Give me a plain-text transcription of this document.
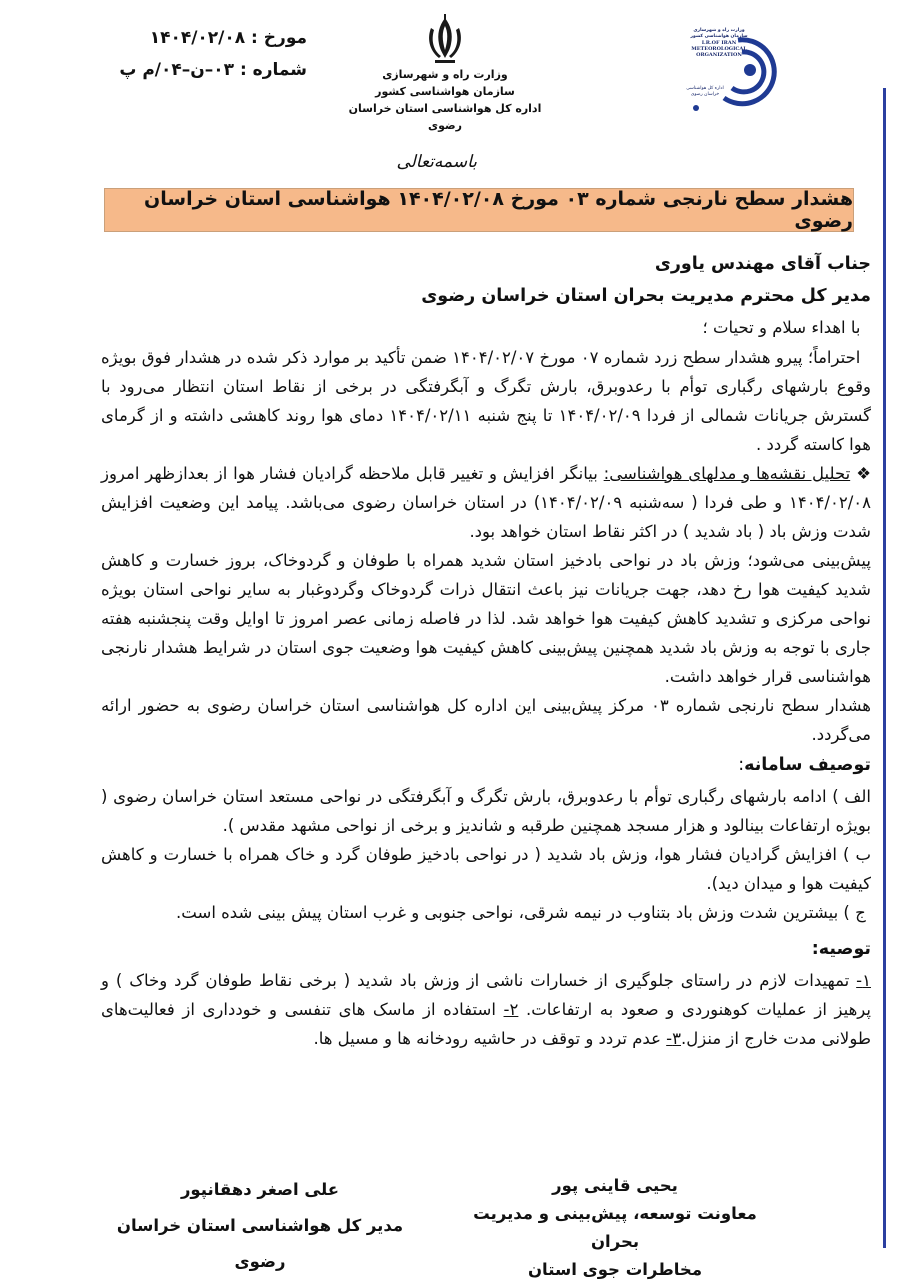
مورخ : ۱۴۰۴/۰۲/۰۸
شماره : ۰۳–ن–۰۴/م پ	وزارت راه و شهرسازی
سازمان هواشناسی کشور
اداره کل هواشناسی استان خراسان رضوی
وزارت راه و شهرسازی
سازمان هواشناسی کشور
I.R.OF IRAN
METEOROLOGICAL
ORGANIZATION
اداره کل هواشناسی
خراسان رضوی
باسمه‌تعالی
هشدار سطح نارنجی شماره ۰۳ مورخ ۱۴۰۴/۰۲/۰۸ هواشناسی استان خراسان رضوی

جناب آقای مهندس یاوری

مدیر کل محترم مدیریت بحران استان خراسان رضوی

با اهداء سلام و تحیات ؛

احتراماً؛ پیرو هشدار سطح زرد شماره ۰۷ مورخ ۱۴۰۴/۰۲/۰۷ ضمن تأکید بر موارد ذکر شده در هشدار فوق بویژه وقوع بارشهای رگباری توأم با رعدوبرق، بارش تگرگ و آبگرفتگی در برخی از نقاط استان انتظار می‌رود با گسترش جریانات شمالی از فردا ۱۴۰۴/۰۲/۰۹ تا پنج شنبه ۱۴۰۴/۰۲/۱۱ دمای هوا روند کاهشی داشته و از گرمای هوا کاسته گردد .

❖تحلیل نقشه‌ها و مدلهای هواشناسی: بیانگر افزایش و تغییر قابل ملاحظه گرادیان فشار هوا از بعدازظهر امروز ۱۴۰۴/۰۲/۰۸ و طی فردا ( سه‌شنبه ۱۴۰۴/۰۲/۰۹) در استان خراسان رضوی می‌باشد. پیامد این وضعیت افزایش شدت وزش باد ( باد شدید ) در اکثر نقاط استان خواهد بود.

پیش‌بینی می‌شود؛ وزش باد در نواحی بادخیز استان شدید همراه با طوفان و گردوخاک، بروز خسارت و کاهش شدید کیفیت هوا رخ دهد، جهت جریانات نیز باعث انتقال ذرات گردوخاک وگردوغبار به سایر نواحی استان بویژه نواحی مرکزی و تشدید کاهش کیفیت هوا خواهد شد. لذا در فاصله زمانی عصر امروز تا اوایل وقت پنجشنبه هفته جاری با توجه به وزش باد شدید همچنین پیش‌بینی کاهش کیفیت هوا وضعیت جوی استان در شرایط هشدار نارنجی هواشناسی قرار خواهد داشت.

هشدار سطح نارنجی شماره ۰۳ مرکز پیش‌بینی این اداره کل هواشناسی استان خراسان رضوی به حضور ارائه می‌گردد.

توصیف سامانه:

الف ) ادامه بارشهای رگباری توأم با رعدوبرق، بارش تگرگ و آبگرفتگی در نواحی مستعد استان خراسان رضوی ( بویژه ارتفاعات بینالود و هزار مسجد همچنین طرقبه و شاندیز و برخی از نواحی مشهد مقدس ).

ب ) افزایش گرادیان فشار هوا، وزش باد شدید ( در نواحی بادخیز طوفان گرد و خاک همراه با خسارت و کاهش کیفیت هوا و میدان دید).

ج ) بیشترین شدت وزش باد بتناوب در نیمه شرقی، نواحی جنوبی و غرب استان پیش بینی شده است.

توصیه:

۱- تمهیدات لازم در راستای جلوگیری از خسارات ناشی از وزش باد شدید ( برخی نقاط طوفان گرد وخاک ) و پرهیز از عملیات کوهنوردی و صعود به ارتفاعات. ۲- استفاده از ماسک های تنفسی و خودداری از فعالیت‌های طولانی مدت خارج از منزل.۳- عدم تردد و توقف در حاشیه رودخانه ها و مسیل ها.

علی اصغر دهقانپور
مدیر کل هواشناسی استان خراسان رضوی
یحیی قاینی پور
معاونت توسعه، پیش‌بینی و مدیریت بحران
مخاطرات جوی استان
